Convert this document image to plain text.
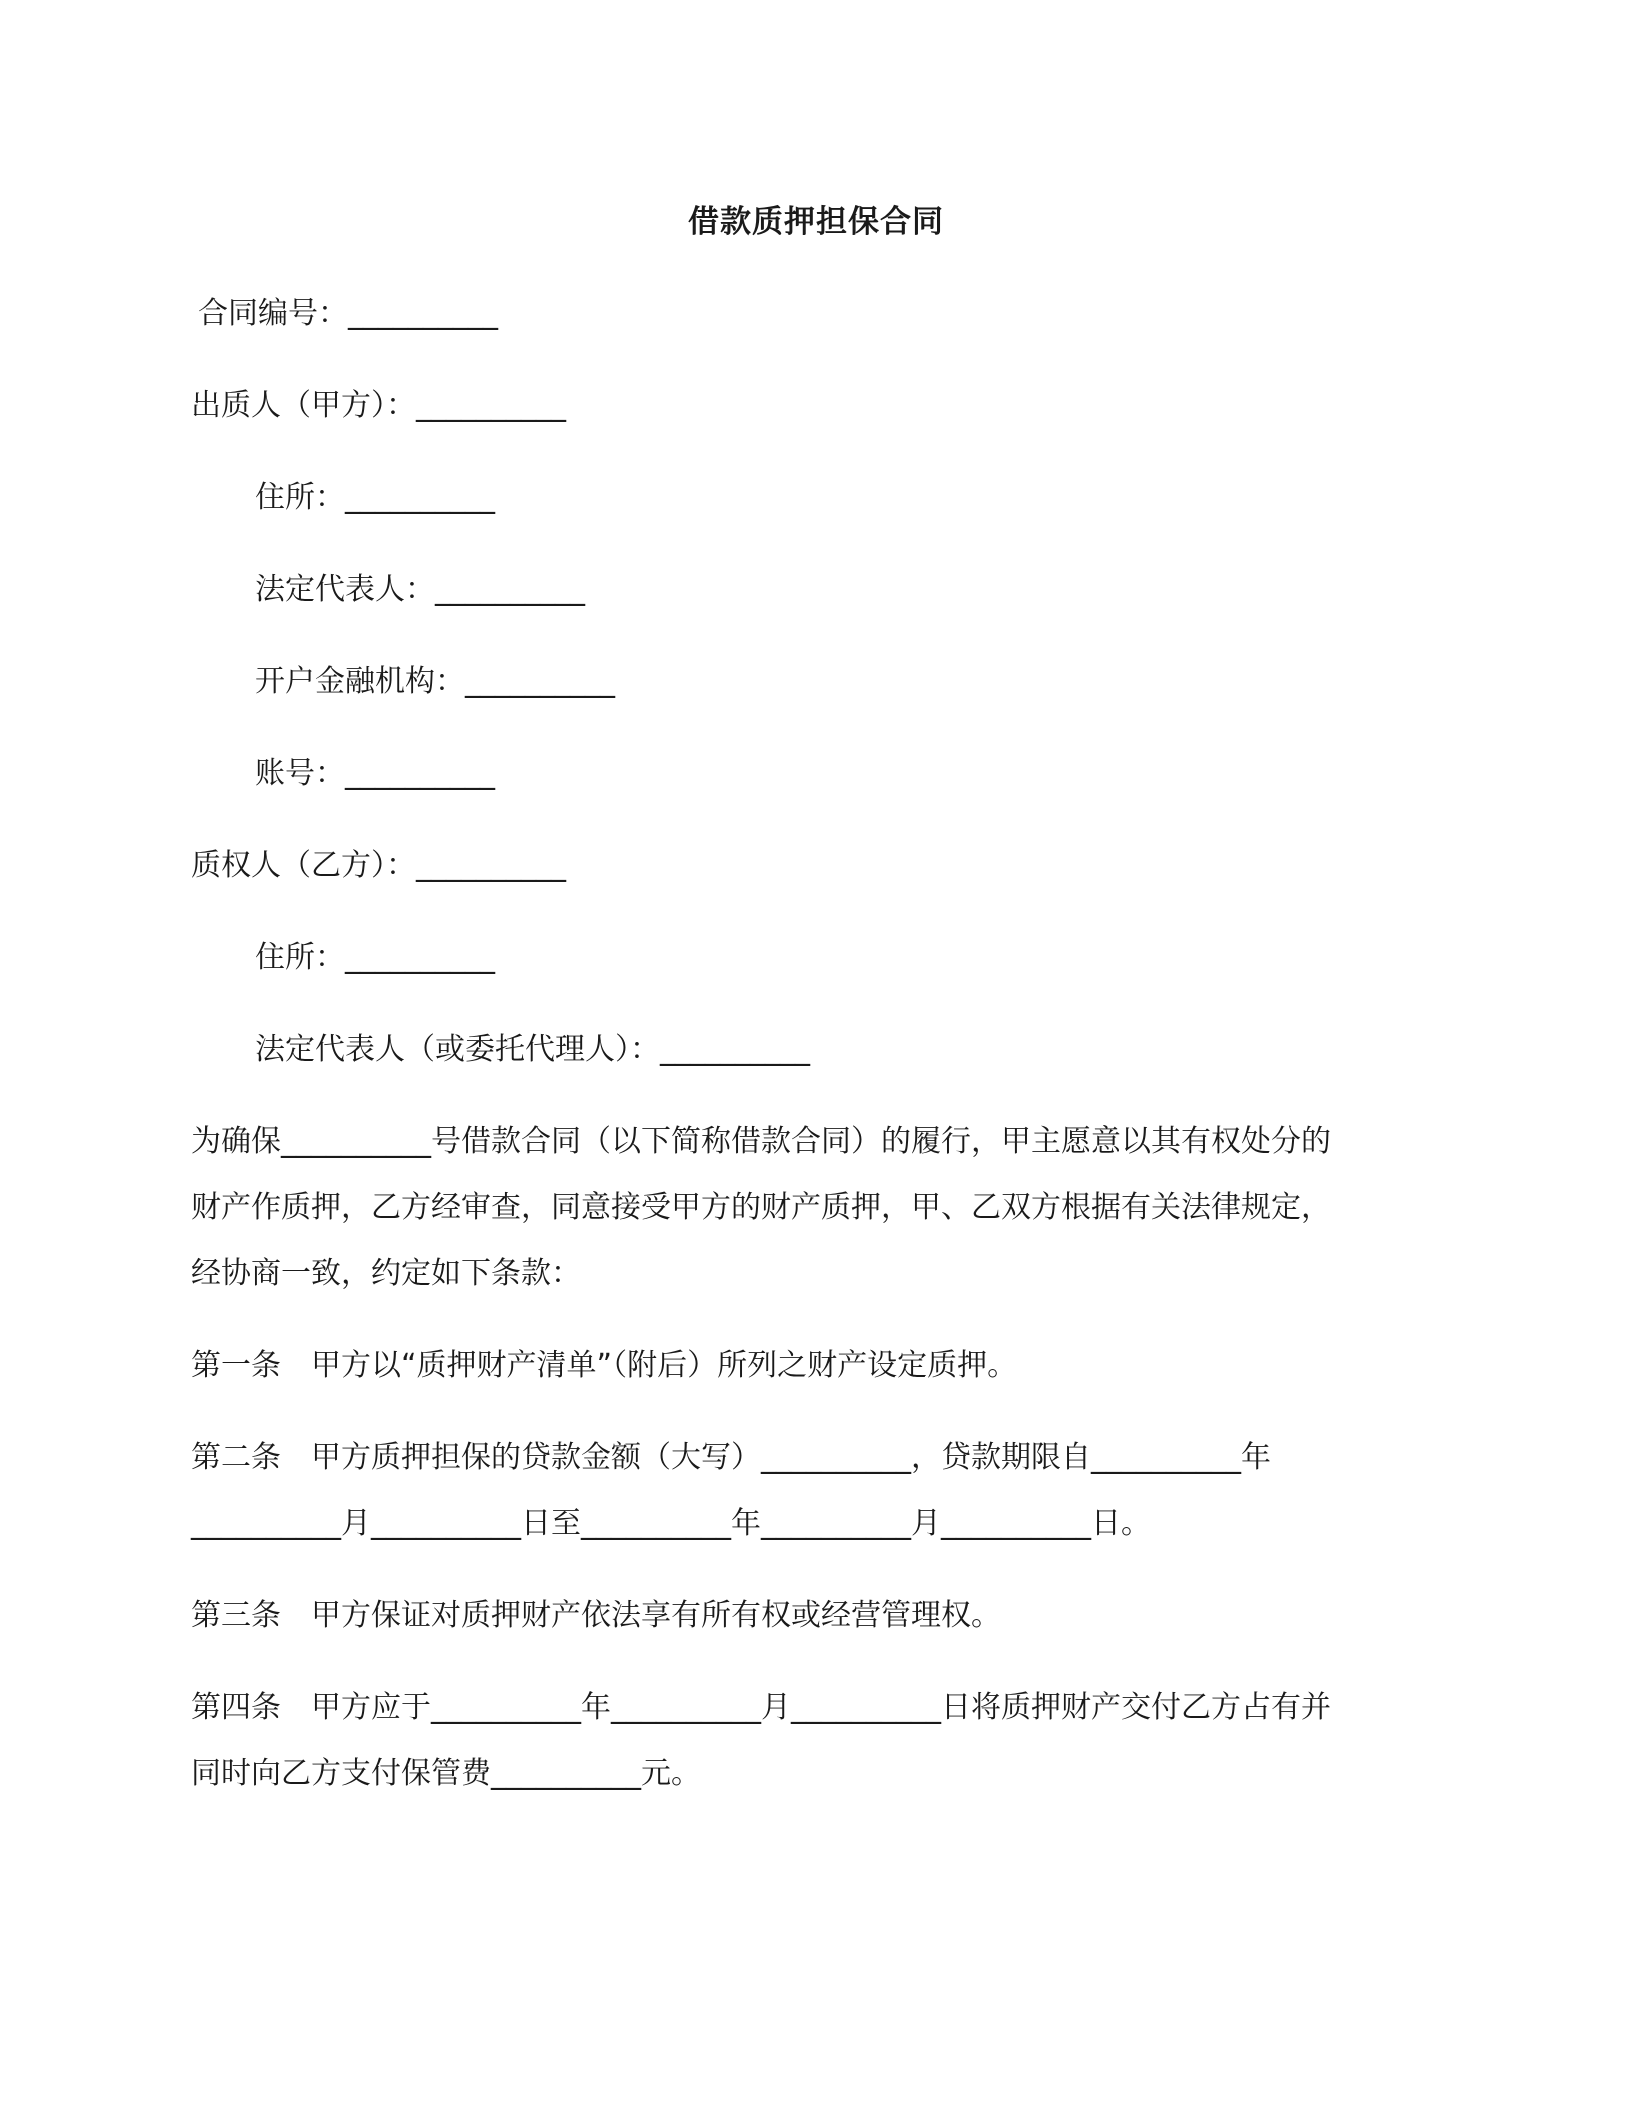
借款质押担保合同
合同编号：__________
出质人（甲方）：__________
住所：__________
法定代表人：__________
开户金融机构：__________
账号：__________
质权人（乙方）：__________
住所：__________
法定代表人（或委托代理人）：__________
为确保__________号借款合同（以下简称借款合同）的履行，甲主愿意以其有权处分的
财产作质押，乙方经审查，同意接受甲方的财产质押，甲、乙双方根据有关法律规定，
经协商一致，约定如下条款：
第一条　甲方以“质押财产清单”（附后）所列之财产设定质押。
第二条　甲方质押担保的贷款金额（大写）__________，贷款期限自__________年
__________月__________日至__________年__________月__________日。
第三条　甲方保证对质押财产依法享有所有权或经营管理权。
第四条　甲方应于__________年__________月__________日将质押财产交付乙方占有并
同时向乙方支付保管费__________元。
